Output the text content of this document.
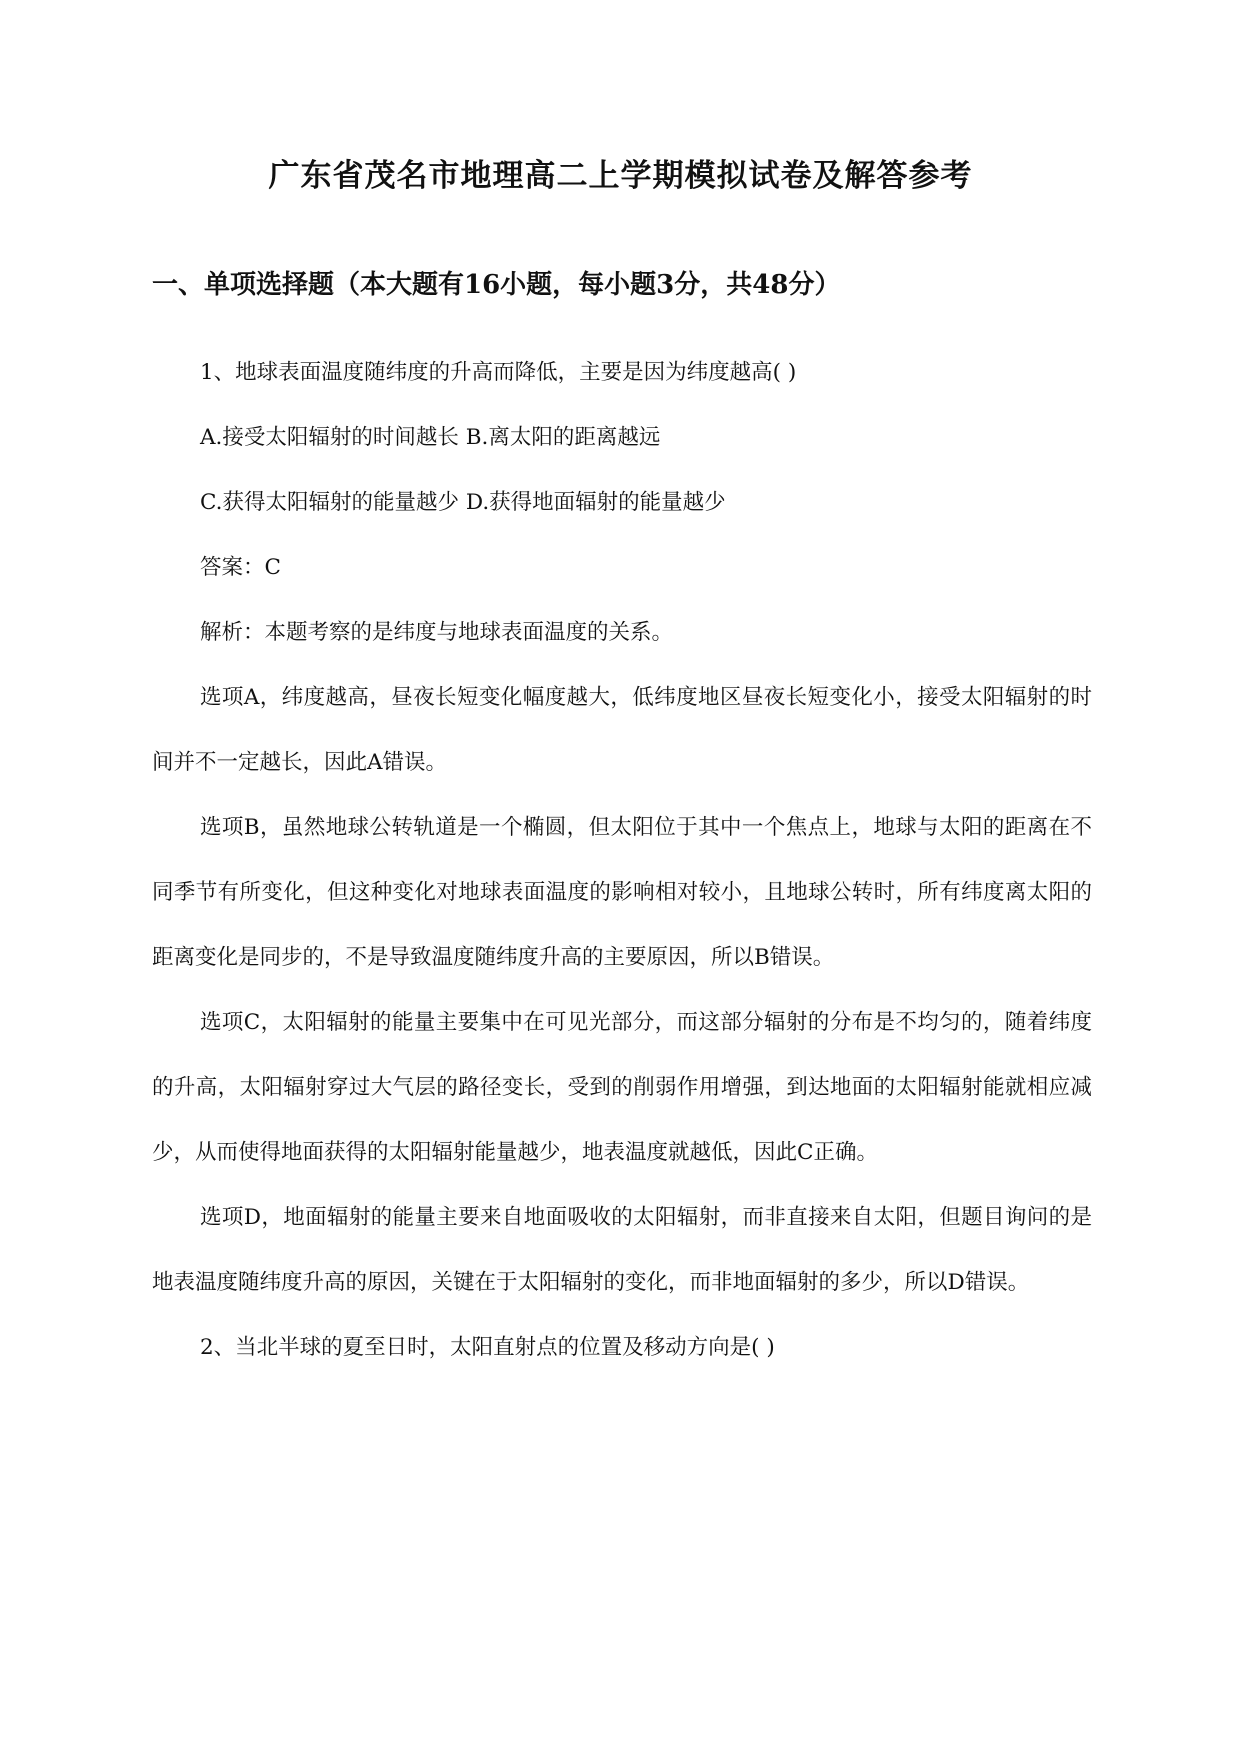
广东省茂名市地理高二上学期模拟试卷及解答参考
一、单项选择题（本大题有16小题，每小题3分，共48分）

1、地球表面温度随纬度的升高而降低，主要是因为纬度越高( )

A.接受太阳辐射的时间越长 B.离太阳的距离越远

C.获得太阳辐射的能量越少 D.获得地面辐射的能量越少

答案：C

解析：本题考察的是纬度与地球表面温度的关系。

选项A，纬度越高，昼夜长短变化幅度越大，低纬度地区昼夜长短变化小，接受太阳辐射的时间并不一定越长，因此A错误。

选项B，虽然地球公转轨道是一个椭圆，但太阳位于其中一个焦点上，地球与太阳的距离在不同季节有所变化，但这种变化对地球表面温度的影响相对较小，且地球公转时，所有纬度离太阳的距离变化是同步的，不是导致温度随纬度升高的主要原因，所以B错误。

选项C，太阳辐射的能量主要集中在可见光部分，而这部分辐射的分布是不均匀的，随着纬度的升高，太阳辐射穿过大气层的路径变长，受到的削弱作用增强，到达地面的太阳辐射能就相应减少，从而使得地面获得的太阳辐射能量越少，地表温度就越低，因此C正确。

选项D，地面辐射的能量主要来自地面吸收的太阳辐射，而非直接来自太阳，但题目询问的是地表温度随纬度升高的原因，关键在于太阳辐射的变化，而非地面辐射的多少，所以D错误。

2、当北半球的夏至日时，太阳直射点的位置及移动方向是( )
